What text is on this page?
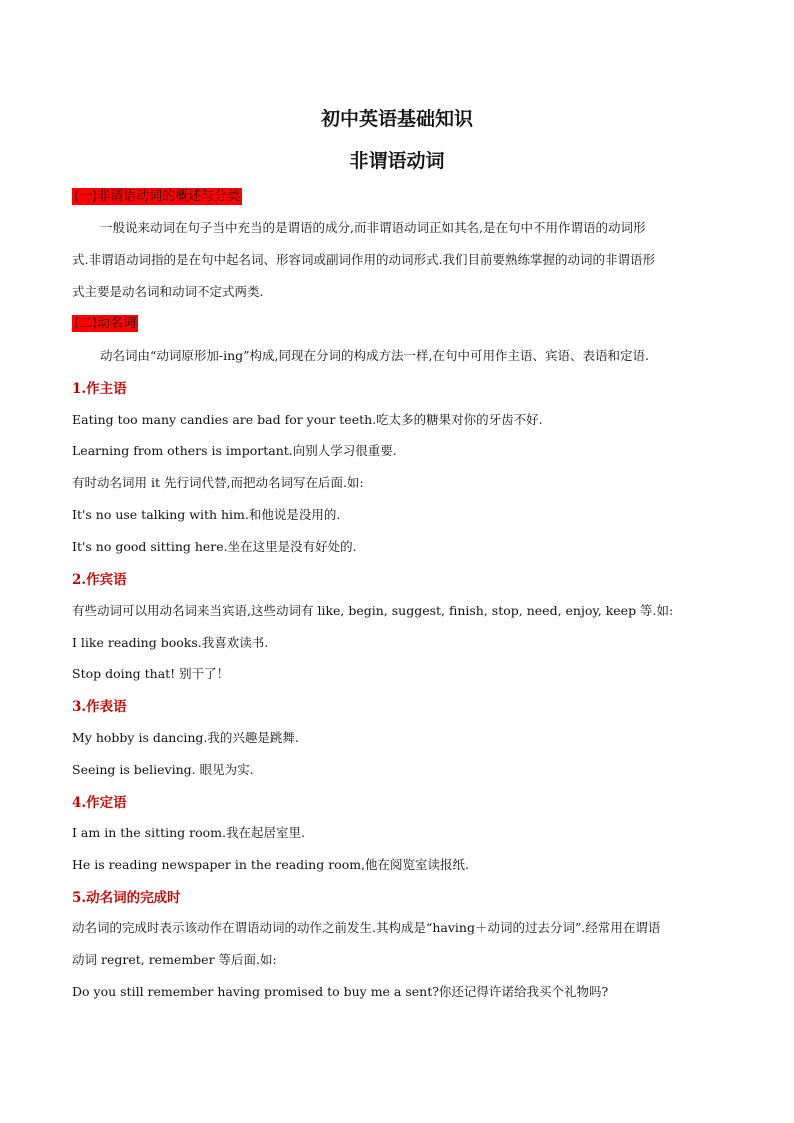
初中英语基础知识
非谓语动词
(一)非谓语动词的概述与分类
一般说来动词在句子当中充当的是谓语的成分,而非谓语动词正如其名,是在句中不用作谓语的动词形
式.非谓语动词指的是在句中起名词、形容词或副词作用的动词形式.我们目前要熟练掌握的动词的非谓语形
式主要是动名词和动词不定式两类.
(二)动名词
动名词由“动词原形加-ing”构成,同现在分词的构成方法一样,在句中可用作主语、宾语、表语和定语.
1.作主语
Eating too many candies are bad for your teeth.吃太多的糖果对你的牙齿不好.
Learning from others is important.向别人学习很重要.
有时动名词用 it 先行词代替,而把动名词写在后面.如:
It's no use talking with him.和他说是没用的.
It's no good sitting here.坐在这里是没有好处的.
2.作宾语
有些动词可以用动名词来当宾语,这些动词有 like, begin, suggest, finish, stop, need, enjoy, keep 等.如:
I like reading books.我喜欢读书.
Stop doing that! 别干了！
3.作表语
My hobby is dancing.我的兴趣是跳舞.
Seeing is believing. 眼见为实.
4.作定语
I am in the sitting room.我在起居室里.
He is reading newspaper in the reading room,他在阅览室读报纸.
5.动名词的完成时
动名词的完成时表示该动作在谓语动词的动作之前发生.其构成是“having＋动词的过去分词”.经常用在谓语
动词 regret, remember 等后面.如:
Do you still remember having promised to buy me a sent?你还记得许诺给我买个礼物吗?
